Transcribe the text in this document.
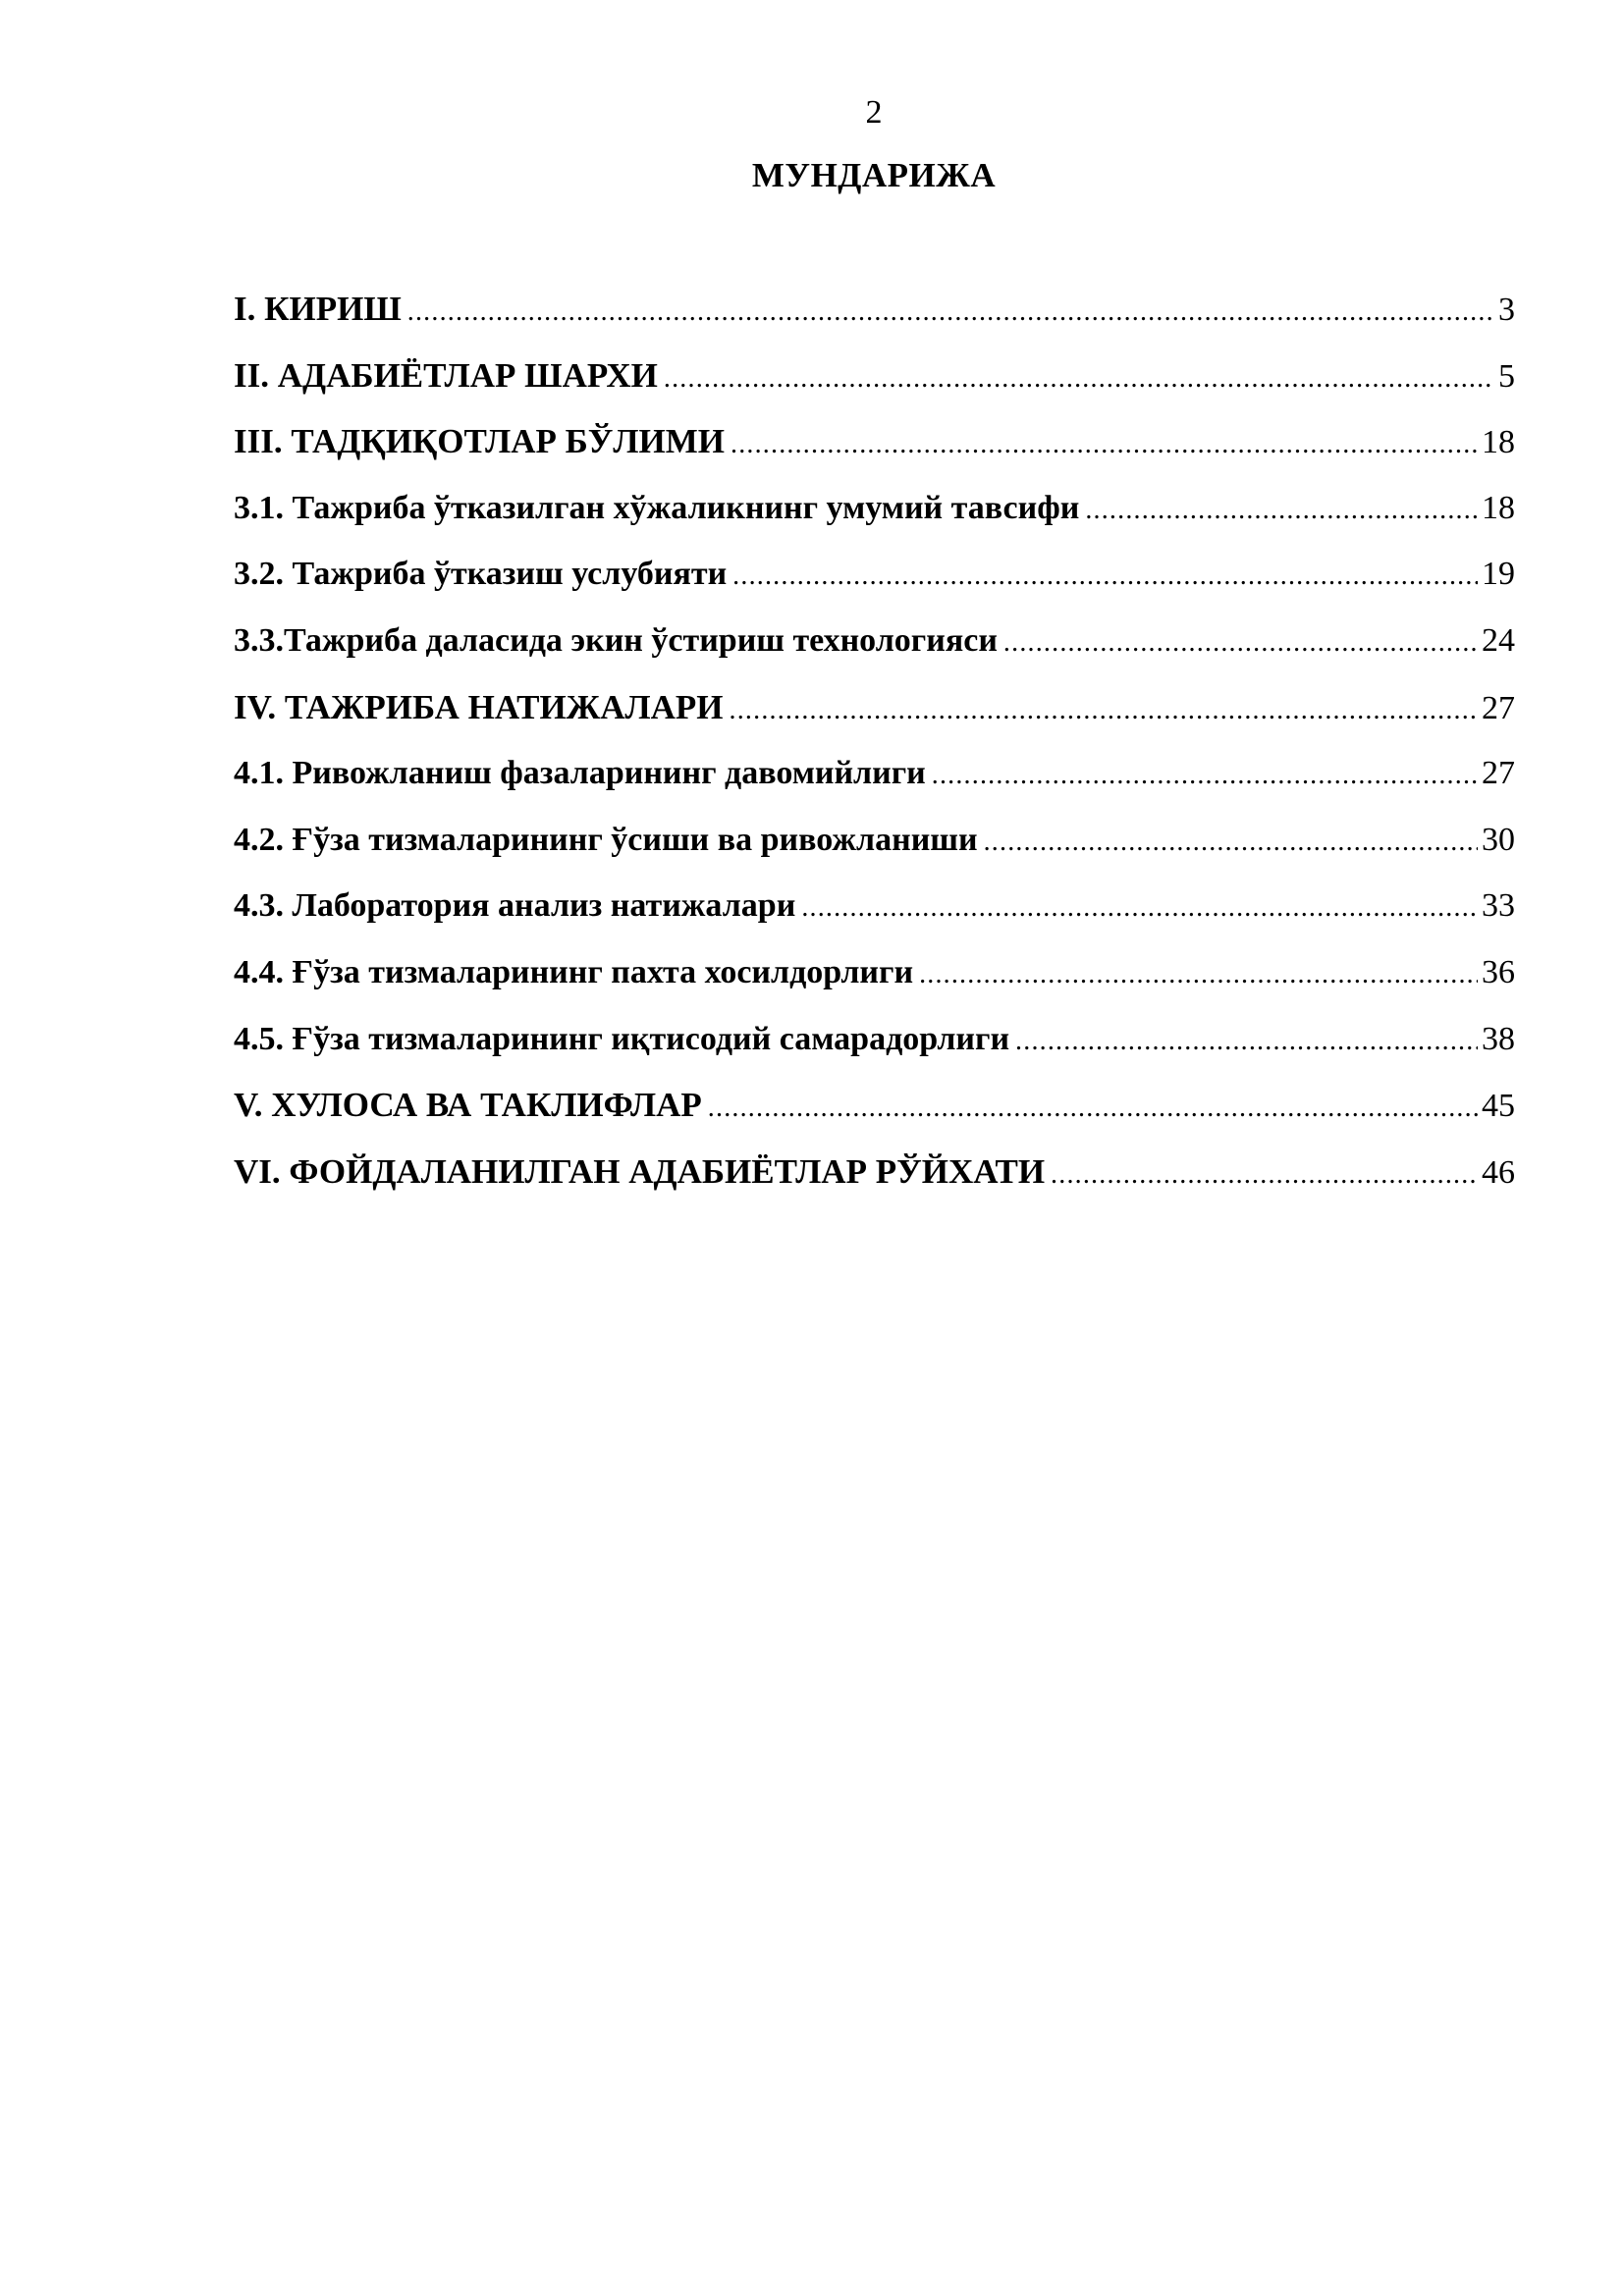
2
МУНДАРИЖА
I. КИРИШ .....	3
II. АДАБИЁТЛАР ШАРХИ .....	5
III. ТАДҚИҚОТЛАР БЎЛИМИ .....	18
3.1. Тажриба ўтказилган хўжаликнинг умумий тавсифи .....	18
3.2. Тажриба ўтказиш услубияти .....	19
3.3.Тажриба даласида экин ўстириш технологияси .....	24
IV. ТАЖРИБА НАТИЖАЛАРИ .....	27
4.1. Ривожланиш фазаларининг давомийлиги .....	27
4.2. Ғўза тизмаларининг ўсиши ва ривожланиши .....	30
4.3. Лаборатория анализ натижалари .....	33
4.4. Ғўза тизмаларининг пахта хосилдорлиги .....	36
4.5. Ғўза тизмаларининг иқтисодий самарадорлиги .....	38
V. ХУЛОСА ВА ТАКЛИФЛАР .....	45
VI. ФОЙДАЛАНИЛГАН АДАБИЁТЛАР РЎЙХАТИ .....	46
